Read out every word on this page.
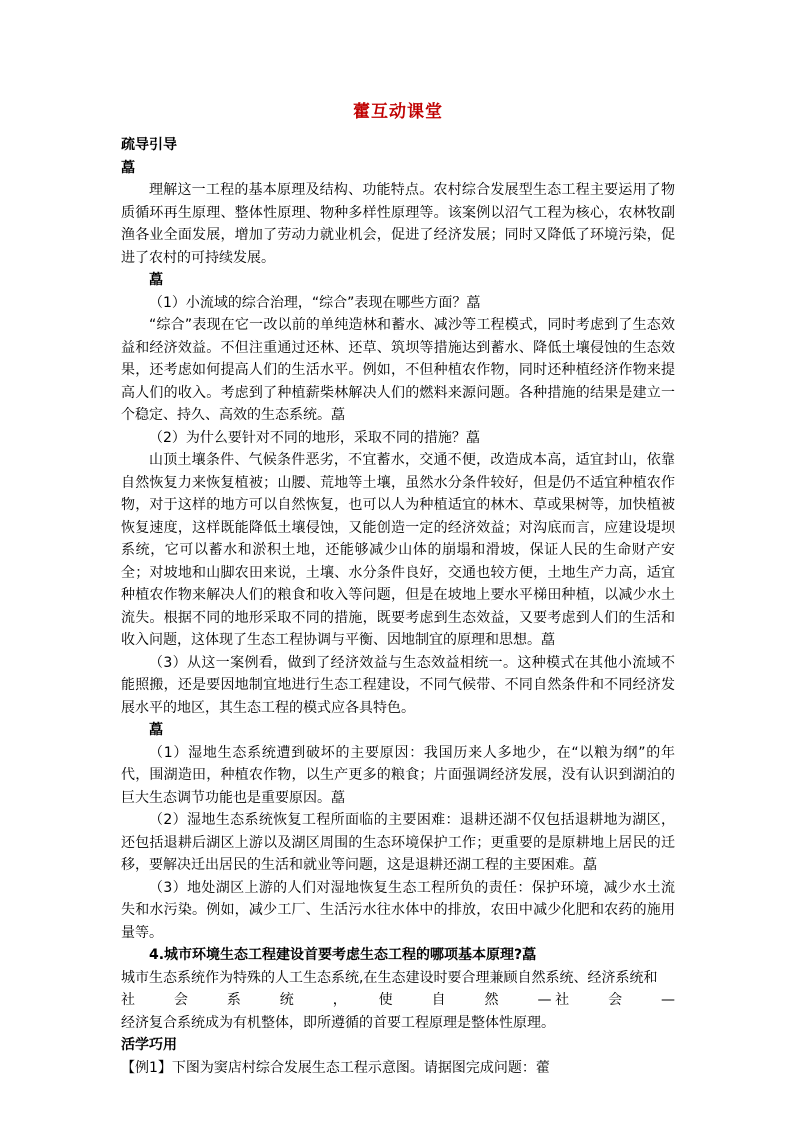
藿互动课堂

疏导引导

藠

理解这一工程的基本原理及结构、功能特点。农村综合发展型生态工程主要运用了物质循环再生原理、整体性原理、物种多样性原理等。该案例以沼气工程为核心，农林牧副渔各业全面发展，增加了劳动力就业机会，促进了经济发展；同时又降低了环境污染，促进了农村的可持续发展。

藠

（1）小流域的综合治理，“综合”表现在哪些方面？藠

“综合”表现在它一改以前的单纯造林和蓄水、减沙等工程模式，同时考虑到了生态效益和经济效益。不但注重通过还林、还草、筑坝等措施达到蓄水、降低土壤侵蚀的生态效果，还考虑如何提高人们的生活水平。例如，不但种植农作物，同时还种植经济作物来提高人们的收入。考虑到了种植薪柴林解决人们的燃料来源问题。各种措施的结果是建立一个稳定、持久、高效的生态系统。藠

（2）为什么要针对不同的地形，采取不同的措施？藠

山顶土壤条件、气候条件恶劣，不宜蓄水，交通不便，改造成本高，适宜封山，依靠自然恢复力来恢复植被；山腰、荒地等土壤，虽然水分条件较好，但是仍不适宜种植农作物，对于这样的地方可以自然恢复，也可以人为种植适宜的林木、草或果树等，加快植被恢复速度，这样既能降低土壤侵蚀，又能创造一定的经济效益；对沟底而言，应建设堤坝系统，它可以蓄水和淤积土地，还能够减少山体的崩塌和滑坡，保证人民的生命财产安全；对坡地和山脚农田来说，土壤、水分条件良好，交通也较方便，土地生产力高，适宜种植农作物来解决人们的粮食和收入等问题，但是在坡地上要水平梯田种植，以减少水土流失。根据不同的地形采取不同的措施，既要考虑到生态效益，又要考虑到人们的生活和收入问题，这体现了生态工程协调与平衡、因地制宜的原理和思想。藠

（3）从这一案例看，做到了经济效益与生态效益相统一。这种模式在其他小流域不能照搬，还是要因地制宜地进行生态工程建设，不同气候带、不同自然条件和不同经济发展水平的地区，其生态工程的模式应各具特色。

藠

（1）湿地生态系统遭到破坏的主要原因：我国历来人多地少，在“以粮为纲”的年代，围湖造田，种植农作物，以生产更多的粮食；片面强调经济发展，没有认识到湖泊的巨大生态调节功能也是重要原因。藠

（2）湿地生态系统恢复工程所面临的主要困难：退耕还湖不仅包括退耕地为湖区，还包括退耕后湖区上游以及湖区周围的生态环境保护工作；更重要的是原耕地上居民的迁移，要解决迁出居民的生活和就业等问题，这是退耕还湖工程的主要困难。藠

（3）地处湖区上游的人们对湿地恢复生态工程所负的责任：保护环境，减少水土流失和水污染。例如，减少工厂、生活污水往水体中的排放，农田中减少化肥和农药的施用量等。

4.城市环境生态工程建设首要考虑生态工程的哪项基本原理?藠

城市生态系统作为特殊的人工生态系统,在生态建设时要合理兼顾自然系统、经济系统和

社　　会　　系　　统　　，　　使　　自　　然　　—社　　会　　—

经济复合系统成为有机整体，即所遵循的首要工程原理是整体性原理。

活学巧用

【例1】下图为窦店村综合发展生态工程示意图。请据图完成问题：藿
